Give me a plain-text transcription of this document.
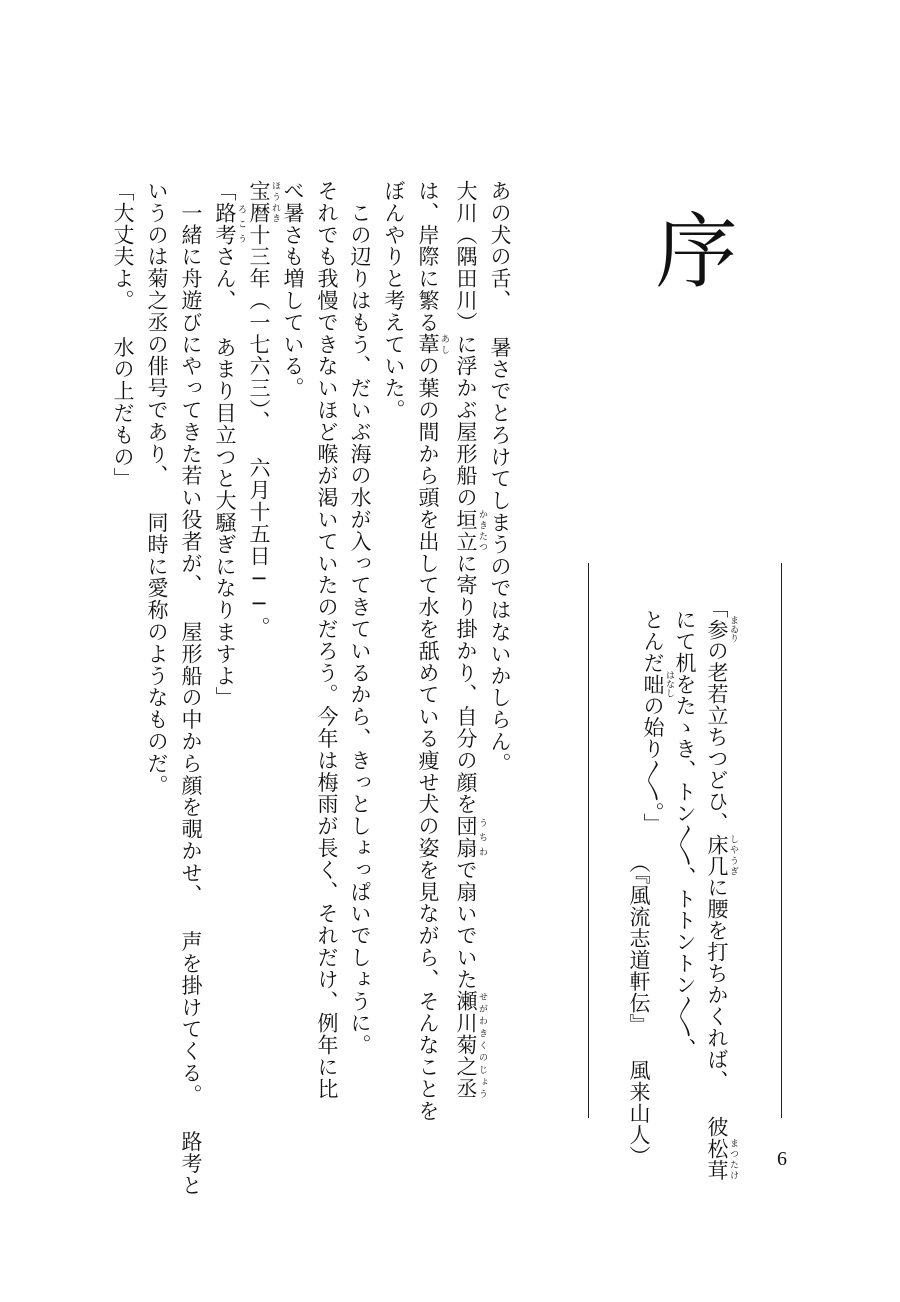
序
「参 まゐりの老若立ちつどひ、床几 しやうぎに腰を打ちかくれば、 彼松茸 まつたけ
にて机をたゝき、トン〳〵、トトントン〳〵、
とんだ咄 はなしの始り〳〵。」
（『風流志道軒伝』 風来山人）
あの犬の舌、 暑さでとろけてしまうのではないかしらん。
大川（隅田川）に浮かぶ屋形船の垣立 かきたつに寄り掛かり、自分の顔を団扇 うちわで扇いでいた瀬川菊之丞 せがわきくのじょう
は、岸際に繁る葦 あしの葉の間から頭を出して水を舐めている痩せ犬の姿を見ながら、そんなことを
ぼんやりと考えていた。
　この辺りはもう、だいぶ海の水が入ってきているから、きっとしょっぱいでしょうに。
それでも我慢できないほど喉が渇いていたのだろう。今年は梅雨が長く、それだけ、例年に比
べ暑さも増している。
宝暦 ほうれき十三年（一七六三）、 六月十五日──。
「路考 ろこうさん、 あまり目立つと大騒ぎになりますよ」
　一緒に舟遊びにやってきた若い役者が、 屋形船の中から顔を覗かせ、 声を掛けてくる。 路考と
いうのは菊之丞の俳号であり、 同時に愛称のようなものだ。
「大丈夫よ。 水の上だもの」
6
